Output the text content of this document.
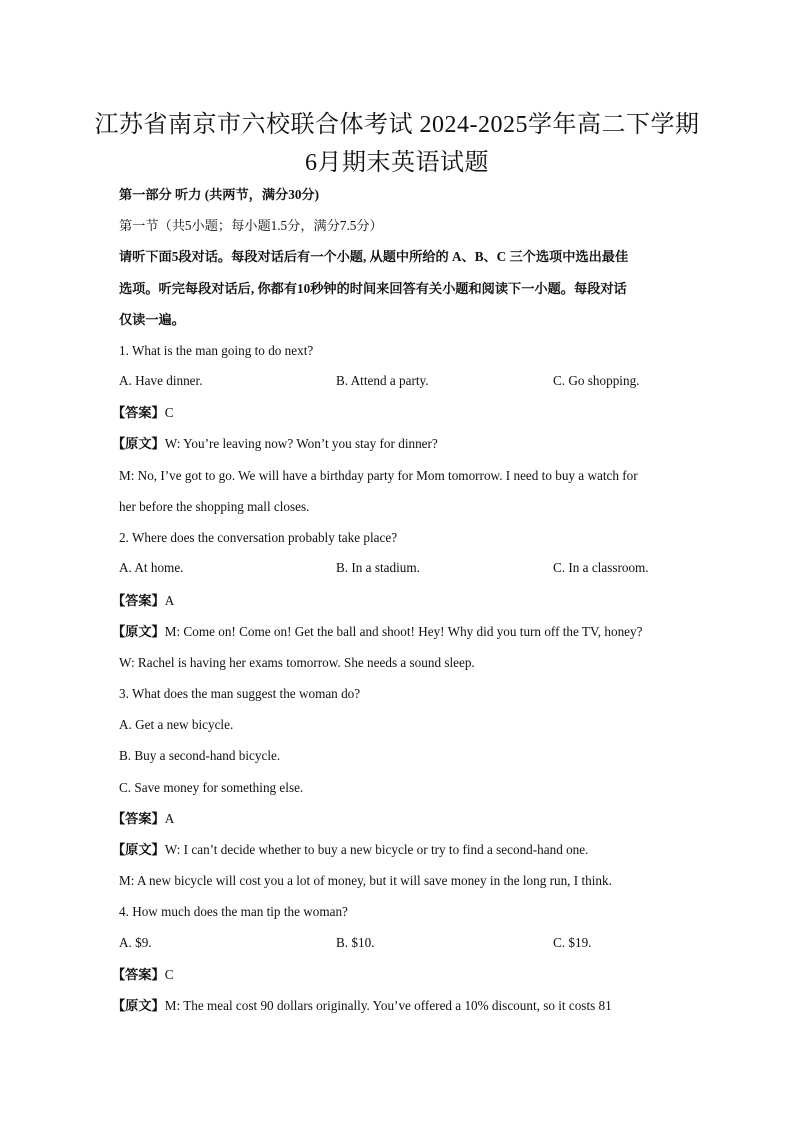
江苏省南京市六校联合体考试 2024-2025学年高二下学期
6月期末英语试题
第一部分 听力 (共两节，满分30分)
第一节（共5小题；每小题1.5分，满分7.5分）
请听下面5段对话。每段对话后有一个小题, 从题中所给的 A、B、C 三个选项中选出最佳
选项。听完每段对话后, 你都有10秒钟的时间来回答有关小题和阅读下一小题。每段对话
仅读一遍。
1. What is the man going to do next?
A. Have dinner.	B. Attend a party.	C. Go shopping.
【答案】C
【原文】W: You’re leaving now? Won’t you stay for dinner?
M: No, I’ve got to go. We will have a birthday party for Mom tomorrow. I need to buy a watch for
her before the shopping mall closes.
2. Where does the conversation probably take place?
A. At home.	B. In a stadium.	C. In a classroom.
【答案】A
【原文】M: Come on! Come on! Get the ball and shoot! Hey! Why did you turn off the TV, honey?
W: Rachel is having her exams tomorrow. She needs a sound sleep.
3. What does the man suggest the woman do?
A. Get a new bicycle.
B. Buy a second-hand bicycle.
C. Save money for something else.
【答案】A
【原文】W: I can’t decide whether to buy a new bicycle or try to find a second-hand one.
M: A new bicycle will cost you a lot of money, but it will save money in the long run, I think.
4. How much does the man tip the woman?
A. $9.	B. $10.	C. $19.
【答案】C
【原文】M: The meal cost 90 dollars originally. You’ve offered a 10% discount, so it costs 81
